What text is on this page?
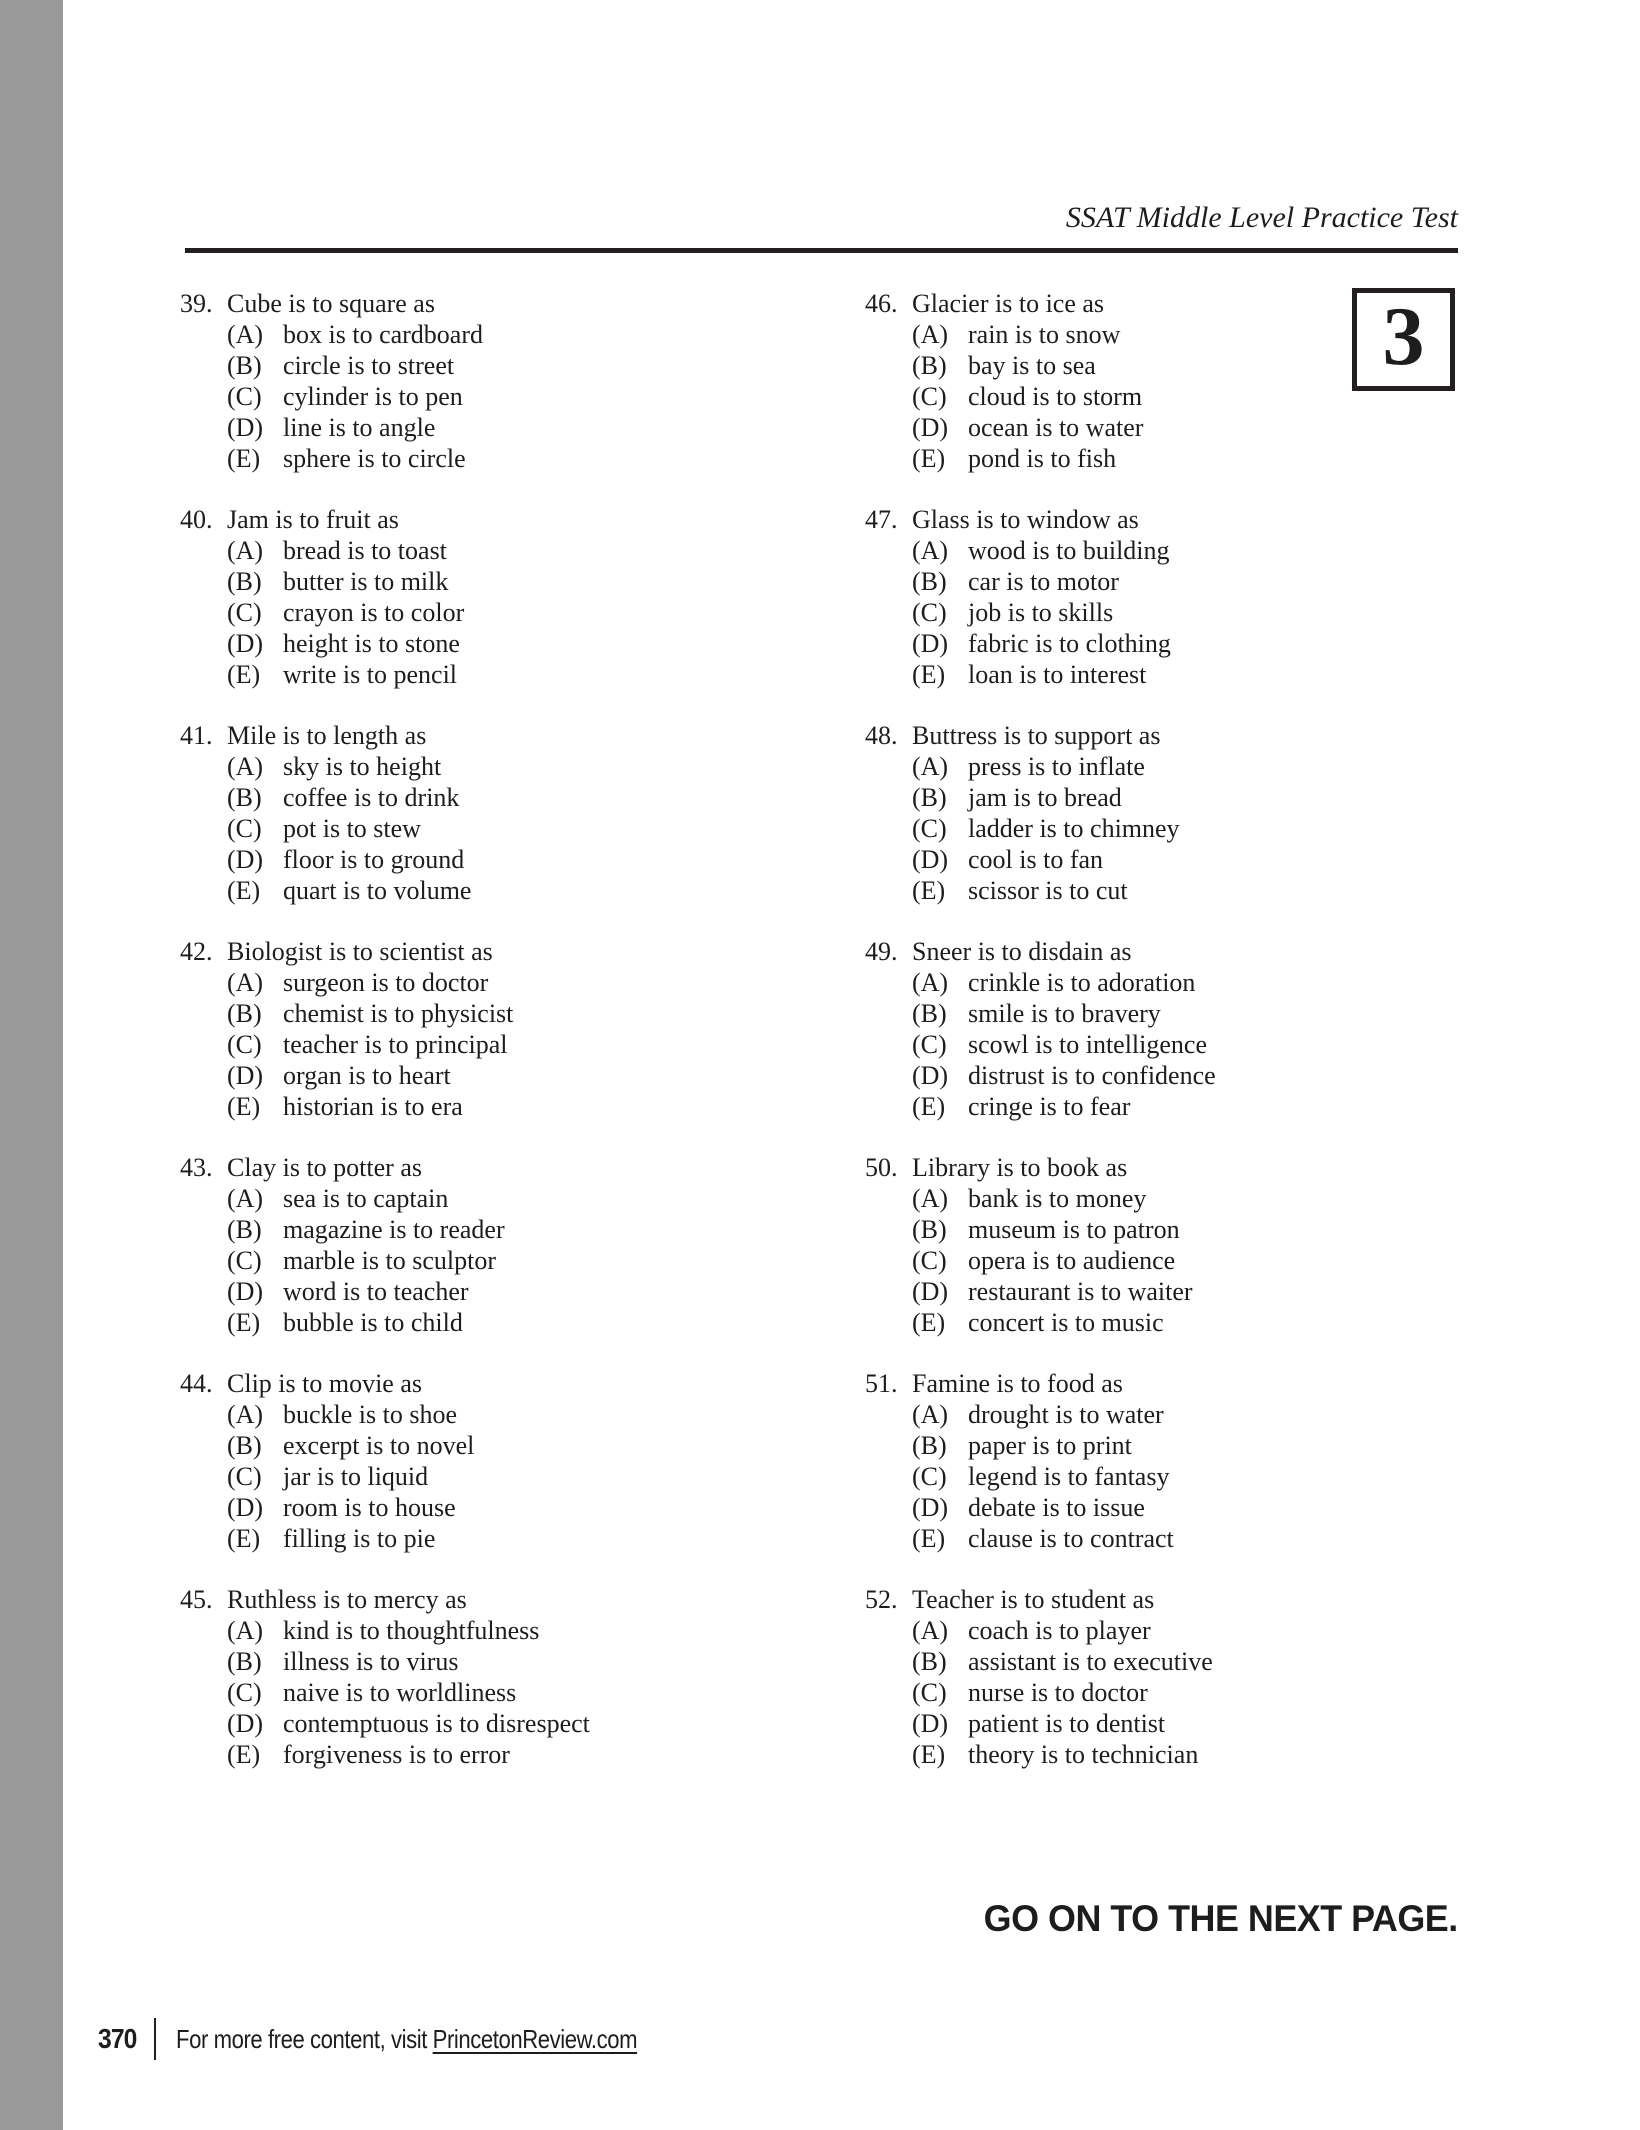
SSAT Middle Level Practice Test
3
39. Cube is to square as
(A) box is to cardboard
(B) circle is to street
(C) cylinder is to pen
(D) line is to angle
(E) sphere is to circle
40. Jam is to fruit as
(A) bread is to toast
(B) butter is to milk
(C) crayon is to color
(D) height is to stone
(E) write is to pencil
41. Mile is to length as
(A) sky is to height
(B) coffee is to drink
(C) pot is to stew
(D) floor is to ground
(E) quart is to volume
42. Biologist is to scientist as
(A) surgeon is to doctor
(B) chemist is to physicist
(C) teacher is to principal
(D) organ is to heart
(E) historian is to era
43. Clay is to potter as
(A) sea is to captain
(B) magazine is to reader
(C) marble is to sculptor
(D) word is to teacher
(E) bubble is to child
44. Clip is to movie as
(A) buckle is to shoe
(B) excerpt is to novel
(C) jar is to liquid
(D) room is to house
(E) filling is to pie
45. Ruthless is to mercy as
(A) kind is to thoughtfulness
(B) illness is to virus
(C) naive is to worldliness
(D) contemptuous is to disrespect
(E) forgiveness is to error
46. Glacier is to ice as
(A) rain is to snow
(B) bay is to sea
(C) cloud is to storm
(D) ocean is to water
(E) pond is to fish
47. Glass is to window as
(A) wood is to building
(B) car is to motor
(C) job is to skills
(D) fabric is to clothing
(E) loan is to interest
48. Buttress is to support as
(A) press is to inflate
(B) jam is to bread
(C) ladder is to chimney
(D) cool is to fan
(E) scissor is to cut
49. Sneer is to disdain as
(A) crinkle is to adoration
(B) smile is to bravery
(C) scowl is to intelligence
(D) distrust is to confidence
(E) cringe is to fear
50. Library is to book as
(A) bank is to money
(B) museum is to patron
(C) opera is to audience
(D) restaurant is to waiter
(E) concert is to music
51. Famine is to food as
(A) drought is to water
(B) paper is to print
(C) legend is to fantasy
(D) debate is to issue
(E) clause is to contract
52. Teacher is to student as
(A) coach is to player
(B) assistant is to executive
(C) nurse is to doctor
(D) patient is to dentist
(E) theory is to technician
GO ON TO THE NEXT PAGE.
370 For more free content, visit PrincetonReview.com
